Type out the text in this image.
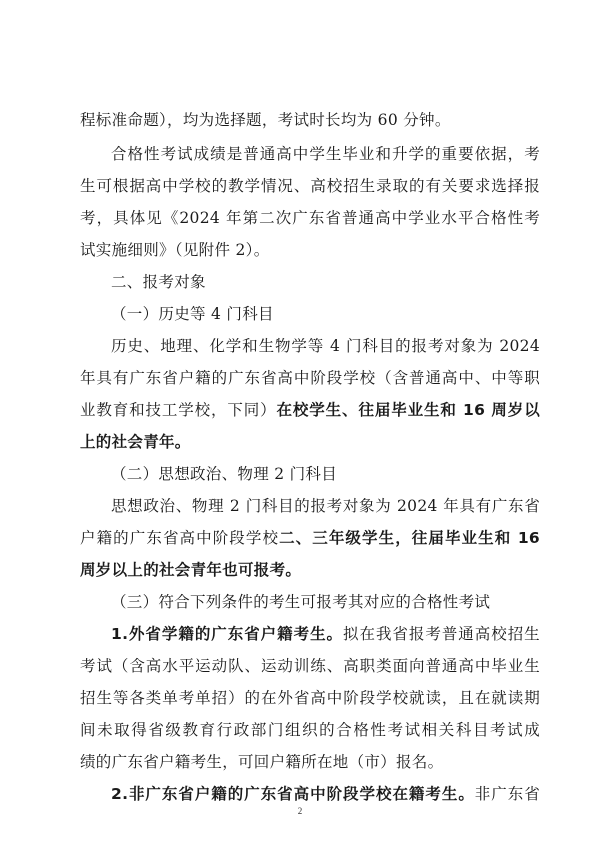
程标准命题），均为选择题，考试时长均为 60 分钟。
合格性考试成绩是普通高中学生毕业和升学的重要依据，考
生可根据高中学校的教学情况、高校招生录取的有关要求选择报
考，具体见《2024 年第二次广东省普通高中学业水平合格性考
试实施细则》（见附件 2）。
二、报考对象
（一）历史等 4 门科目
历史、地理、化学和生物学等 4 门科目的报考对象为 2024
年具有广东省户籍的广东省高中阶段学校（含普通高中、中等职
业教育和技工学校，下同）在校学生、往届毕业生和 16 周岁以
上的社会青年。
（二）思想政治、物理 2 门科目
思想政治、物理 2 门科目的报考对象为 2024 年具有广东省
户籍的广东省高中阶段学校二、三年级学生，往届毕业生和 16
周岁以上的社会青年也可报考。
（三）符合下列条件的考生可报考其对应的合格性考试
1.外省学籍的广东省户籍考生。拟在我省报考普通高校招生
考试（含高水平运动队、运动训练、高职类面向普通高中毕业生
招生等各类单考单招）的在外省高中阶段学校就读，且在就读期
间未取得省级教育行政部门组织的合格性考试相关科目考试成
绩的广东省户籍考生，可回户籍所在地（市）报名。
2.非广东省户籍的广东省高中阶段学校在籍考生。非广东省
2
